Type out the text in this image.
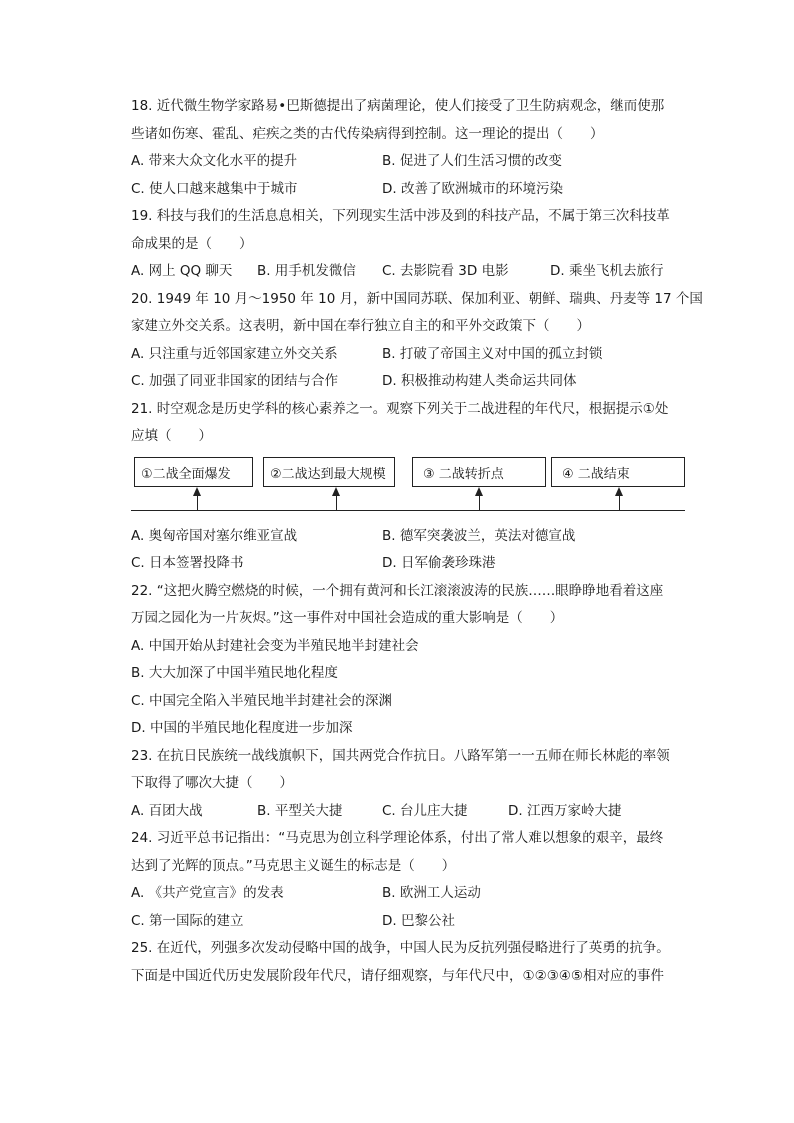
18. 近代微生物学家路易•巴斯德提出了病菌理论，使人们接受了卫生防病观念，继而使那
些诸如伤寒、霍乱、疟疾之类的古代传染病得到控制。这一理论的提出（　　）
A. 带来大众文化水平的提升	B. 促进了人们生活习惯的改变
C. 使人口越来越集中于城市	D. 改善了欧洲城市的环境污染
19. 科技与我们的生活息息相关，下列现实生活中涉及到的科技产品，不属于第三次科技革
命成果的是（　　）
A. 网上 QQ 聊天 B. 用手机发微信 C. 去影院看 3D 电影	D. 乘坐飞机去旅行
20. 1949 年 10 月～1950 年 10 月，新中国同苏联、保加利亚、朝鲜、瑞典、丹麦等 17 个国
家建立外交关系。这表明，新中国在奉行独立自主的和平外交政策下（　　）
A. 只注重与近邻国家建立外交关系	B. 打破了帝国主义对中国的孤立封锁
C. 加强了同亚非国家的团结与合作	D. 积极推动构建人类命运共同体
21. 时空观念是历史学科的核心素养之一。观察下列关于二战进程的年代尺，根据提示①处
应填（　　）
①二战全面爆发	②二战达到最大规模	③ 二战转折点	④ 二战结束
A. 奥匈帝国对塞尔维亚宣战	B. 德军突袭波兰，英法对德宣战
C. 日本签署投降书	D. 日军偷袭珍珠港
22. “这把火腾空燃烧的时候，一个拥有黄河和长江滚滚波涛的民族……眼睁睁地看着这座
万园之园化为一片灰烬。”这一事件对中国社会造成的重大影响是（　　）
A. 中国开始从封建社会变为半殖民地半封建社会
B. 大大加深了中国半殖民地化程度
C. 中国完全陷入半殖民地半封建社会的深渊
D. 中国的半殖民地化程度进一步加深
23. 在抗日民族统一战线旗帜下，国共两党合作抗日。八路军第一一五师在师长林彪的率领
下取得了哪次大捷（　　）
A. 百团大战	B. 平型关大捷	C. 台儿庄大捷	D. 江西万家岭大捷
24. 习近平总书记指出：“马克思为创立科学理论体系，付出了常人难以想象的艰辛，最终
达到了光辉的顶点。”马克思主义诞生的标志是（　　）
A. 《共产党宣言》的发表	B. 欧洲工人运动
C. 第一国际的建立	D. 巴黎公社
25. 在近代，列强多次发动侵略中国的战争，中国人民为反抗列强侵略进行了英勇的抗争。
下面是中国近代历史发展阶段年代尺，请仔细观察，与年代尺中，①②③④⑤相对应的事件
